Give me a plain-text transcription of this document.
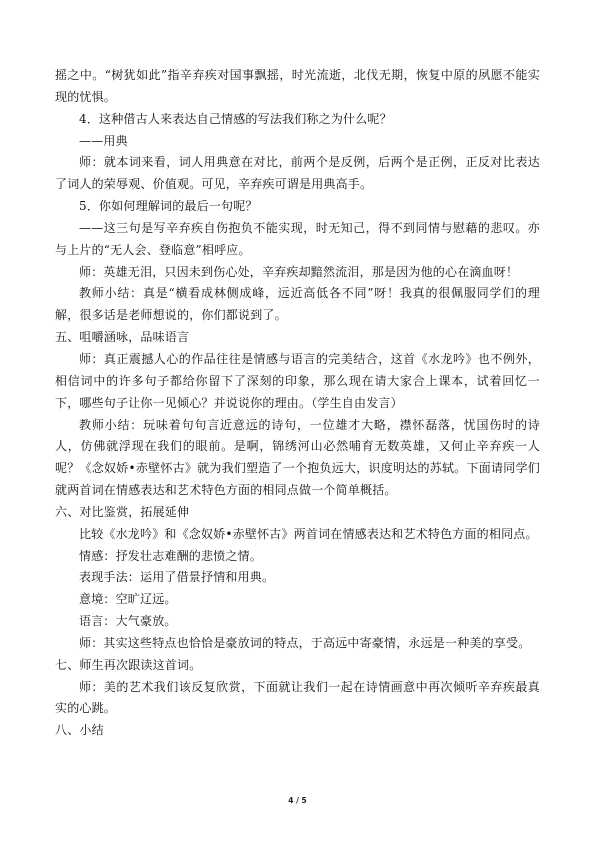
摇之中。“树犹如此”指辛弃疾对国事飘摇，时光流逝，北伐无期，恢复中原的夙愿不能实现的忧惧。

4．这种借古人来表达自己情感的写法我们称之为什么呢？

——用典

师：就本词来看，词人用典意在对比，前两个是反例，后两个是正例，正反对比表达了词人的荣辱观、价值观。可见，辛弃疾可谓是用典高手。

5．你如何理解词的最后一句呢？

——这三句是写辛弃疾自伤抱负不能实现，时无知己，得不到同情与慰藉的悲叹。亦与上片的“无人会、登临意”相呼应。

师：英雄无泪，只因未到伤心处，辛弃疾却黯然流泪，那是因为他的心在滴血呀！

教师小结：真是“横看成林侧成峰，远近高低各不同”呀！我真的很佩服同学们的理解，很多话是老师想说的，你们都说到了。

五、咀嚼涵咏，品味语言

师：真正震撼人心的作品往往是情感与语言的完美结合，这首《水龙吟》也不例外，相信词中的许多句子都给你留下了深刻的印象，那么现在请大家合上课本，试着回忆一下，哪些句子让你一见倾心？并说说你的理由。（学生自由发言）

教师小结：玩味着句句言近意远的诗句，一位雄才大略，襟怀磊落，忧国伤时的诗人，仿佛就浮现在我们的眼前。是啊，锦绣河山必然哺育无数英雄，又何止辛弃疾一人呢？《念奴娇•赤壁怀古》就为我们塑造了一个抱负远大，识度明达的苏轼。下面请同学们就两首词在情感表达和艺术特色方面的相同点做一个简单概括。

六、对比鉴赏，拓展延伸

比较《水龙吟》和《念奴娇•赤壁怀古》两首词在情感表达和艺术特色方面的相同点。

情感：抒发壮志难酬的悲愤之情。

表现手法：运用了借景抒情和用典。

意境：空旷辽远。

语言：大气豪放。

师：其实这些特点也恰恰是豪放词的特点，于高远中寄豪情，永远是一种美的享受。

七、师生再次跟读这首词。

师：美的艺术我们该反复欣赏，下面就让我们一起在诗情画意中再次倾听辛弃疾最真实的心跳。

八、小结

4 / 5
